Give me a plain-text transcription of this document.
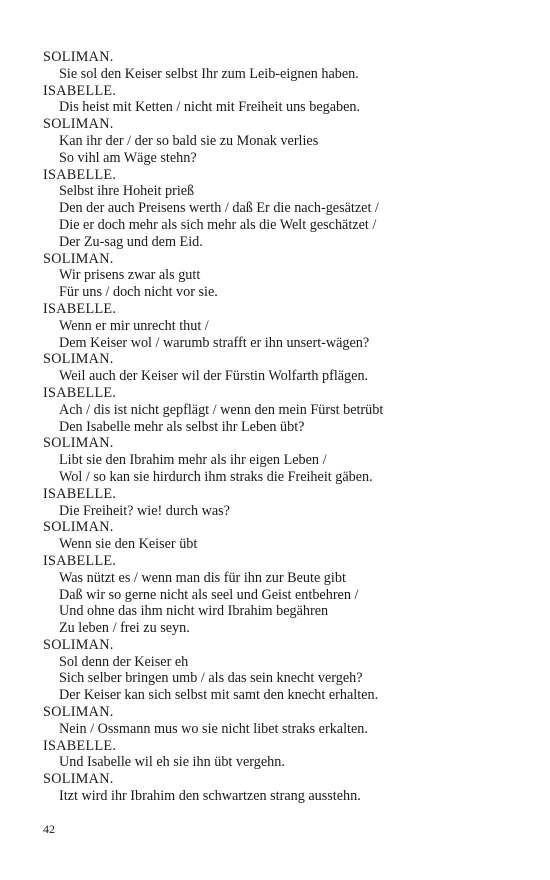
SOLIMAN.
Sie sol den Keiser selbst Ihr zum Leib-eignen haben.
ISABELLE.
Dis heist mit Ketten / nicht mit Freiheit uns begaben.
SOLIMAN.
Kan ihr der / der so bald sie zu Monak verlies
So vihl am Wäge stehn?
ISABELLE.
Selbst ihre Hoheit prieß
Den der auch Preisens werth / daß Er die nach-gesätzet /
Die er doch mehr als sich mehr als die Welt geschätzet /
Der Zu-sag und dem Eid.
SOLIMAN.
Wir prisens zwar als gutt
Für uns / doch nicht vor sie.
ISABELLE.
Wenn er mir unrecht thut /
Dem Keiser wol / warumb strafft er ihn unsert-wägen?
SOLIMAN.
Weil auch der Keiser wil der Fürstin Wolfarth pflägen.
ISABELLE.
Ach / dis ist nicht gepflägt / wenn den mein Fürst betrübt
Den Isabelle mehr als selbst ihr Leben übt?
SOLIMAN.
Libt sie den Ibrahim mehr als ihr eigen Leben /
Wol / so kan sie hirdurch ihm straks die Freiheit gäben.
ISABELLE.
Die Freiheit? wie! durch was?
SOLIMAN.
Wenn sie den Keiser übt
ISABELLE.
Was nützt es / wenn man dis für ihn zur Beute gibt
Daß wir so gerne nicht als seel und Geist entbehren /
Und ohne das ihm nicht wird Ibrahim begähren
Zu leben / frei zu seyn.
SOLIMAN.
Sol denn der Keiser eh
Sich selber bringen umb / als das sein knecht vergeh?
Der Keiser kan sich selbst mit samt den knecht erhalten.
SOLIMAN.
Nein / Ossmann mus wo sie nicht libet straks erkalten.
ISABELLE.
Und Isabelle wil eh sie ihn übt vergehn.
SOLIMAN.
Itzt wird ihr Ibrahim den schwartzen strang ausstehn.
42
